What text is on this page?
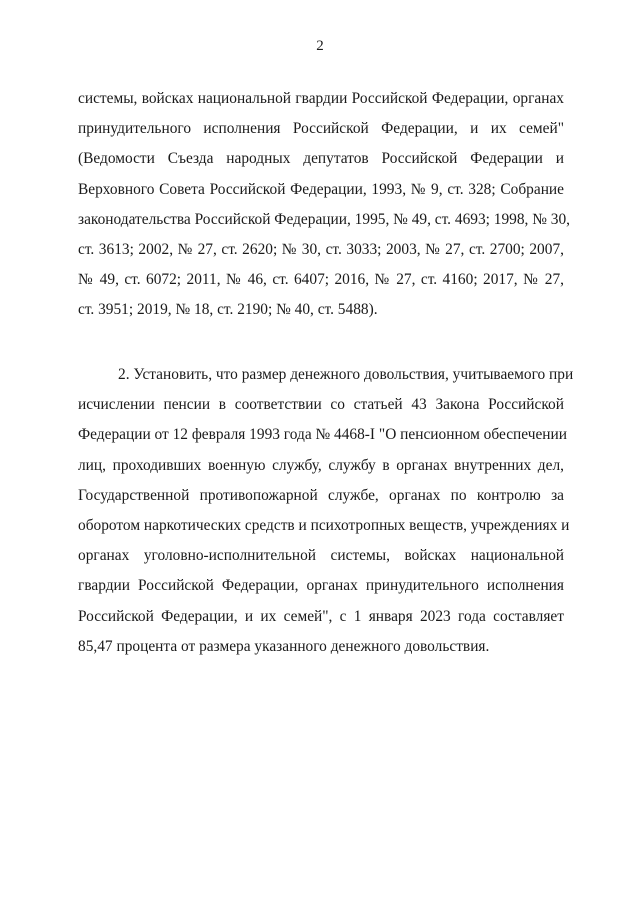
2
системы, войсках национальной гвардии Российской Федерации, органах
принудительного исполнения Российской Федерации, и их семей"
(Ведомости Съезда народных депутатов Российской Федерации и
Верховного Совета Российской Федерации, 1993, № 9, ст. 328; Собрание
законодательства Российской Федерации, 1995, № 49, ст. 4693; 1998, № 30,
ст. 3613; 2002, № 27, ст. 2620; № 30, ст. 3033; 2003, № 27, ст. 2700; 2007,
№ 49, ст. 6072; 2011, № 46, ст. 6407; 2016, № 27, ст. 4160; 2017, № 27,
ст. 3951; 2019, № 18, ст. 2190; № 40, ст. 5488).
2. Установить, что размер денежного довольствия, учитываемого при
исчислении пенсии в соответствии со статьей 43 Закона Российской
Федерации от 12 февраля 1993 года № 4468-I "О пенсионном обеспечении
лиц, проходивших военную службу, службу в органах внутренних дел,
Государственной противопожарной службе, органах по контролю за
оборотом наркотических средств и психотропных веществ, учреждениях и
органах уголовно-исполнительной системы, войсках национальной
гвардии Российской Федерации, органах принудительного исполнения
Российской Федерации, и их семей", с 1 января 2023 года составляет
85,47 процента от размера указанного денежного довольствия.
